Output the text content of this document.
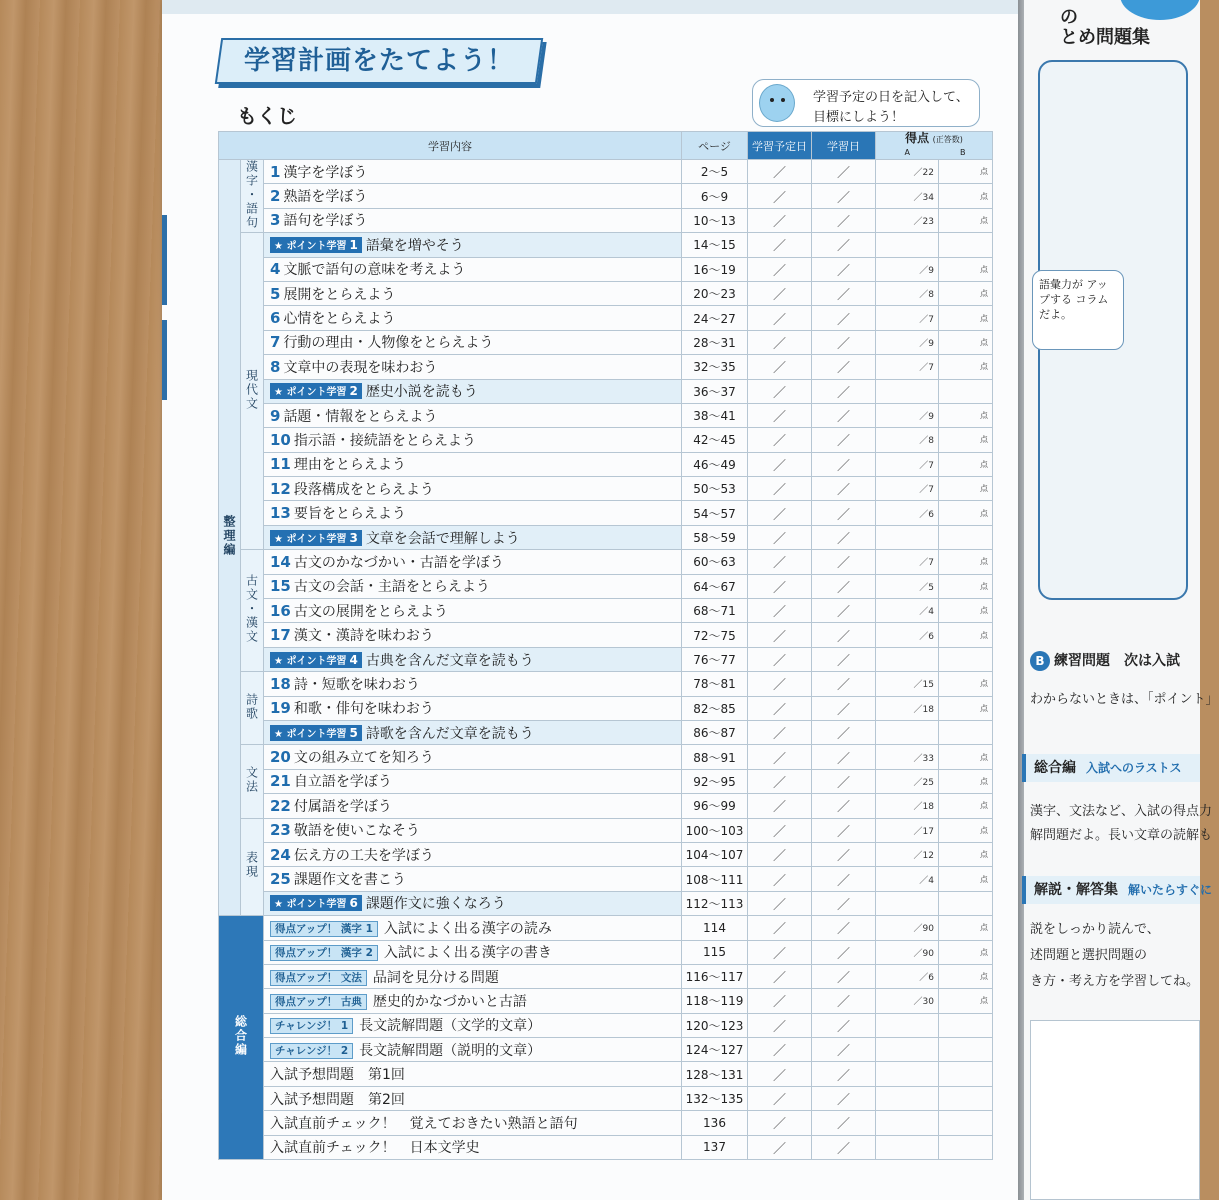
学習計画をたてよう！
もくじ
学習予定の日を記入して、
目標にしよう！
学習内容			ページ	学習予定日	学習日	得点 (正答数)
A B	
整理編	漢字・語句	1 漢字を学ぼう	2～5	／	／	／22	点
		2 熟語を学ぼう	6～9	／	／	／34	点
		3 語句を学ぼう	10～13	／	／	／23	点
	現代文	★ ポイント学習 1 語彙を増やそう	14～15	／	／		
		4 文脈で語句の意味を考えよう	16～19	／	／	／9	点
		5 展開をとらえよう	20～23	／	／	／8	点
		6 心情をとらえよう	24～27	／	／	／7	点
		7 行動の理由・人物像をとらえよう	28～31	／	／	／9	点
		8 文章中の表現を味わおう	32～35	／	／	／7	点
		★ ポイント学習 2 歴史小説を読もう	36～37	／	／		
		9 話題・情報をとらえよう	38～41	／	／	／9	点
		10 指示語・接続語をとらえよう	42～45	／	／	／8	点
		11 理由をとらえよう	46～49	／	／	／7	点
		12 段落構成をとらえよう	50～53	／	／	／7	点
		13 要旨をとらえよう	54～57	／	／	／6	点
		★ ポイント学習 3 文章を会話で理解しよう	58～59	／	／		
	古文・漢文	14 古文のかなづかい・古語を学ぼう	60～63	／	／	／7	点
		15 古文の会話・主語をとらえよう	64～67	／	／	／5	点
		16 古文の展開をとらえよう	68～71	／	／	／4	点
		17 漢文・漢詩を味わおう	72～75	／	／	／6	点
		★ ポイント学習 4 古典を含んだ文章を読もう	76～77	／	／		
	詩歌	18 詩・短歌を味わおう	78～81	／	／	／15	点
		19 和歌・俳句を味わおう	82～85	／	／	／18	点
		★ ポイント学習 5 詩歌を含んだ文章を読もう	86～87	／	／		
	文法	20 文の組み立てを知ろう	88～91	／	／	／33	点
		21 自立語を学ぼう	92～95	／	／	／25	点
		22 付属語を学ぼう	96～99	／	／	／18	点
	表現	23 敬語を使いこなそう	100～103	／	／	／17	点
		24 伝え方の工夫を学ぼう	104～107	／	／	／12	点
		25 課題作文を書こう	108～111	／	／	／4	点
		★ ポイント学習 6 課題作文に強くなろう	112～113	／	／		
総合編		得点アップ！ 漢字 1 入試によく出る漢字の読み	114	／	／	／90	点
		得点アップ！ 漢字 2 入試によく出る漢字の書き	115	／	／	／90	点
		得点アップ！ 文法 品詞を見分ける問題	116～117	／	／	／6	点
		得点アップ！ 古典 歴史的かなづかいと古語	118～119	／	／	／30	点
		チャレンジ！ 1 長文読解問題（文学的文章）	120～123	／	／		
		チャレンジ！ 2 長文読解問題（説明的文章）	124～127	／	／		
		入試予想問題　第1回	128～131	／	／		
		入試予想問題　第2回	132～135	／	／		
		入試直前チェック！　覚えておきたい熟語と語句	136	／	／		
		入試直前チェック！　日本文学史	137	／	／		
の
とめ問題集
語彙力が アップする コラムだよ。
B 練習問題　次は入試
わからないときは、「ポイント」
総合編 入試へのラストス
漢字、文法など、入試の得点力
解問題だよ。長い文章の読解も
解説・解答集 解いたらすぐに
説をしっかり読んで、
述問題と選択問題の
き方・考え方を学習してね。
